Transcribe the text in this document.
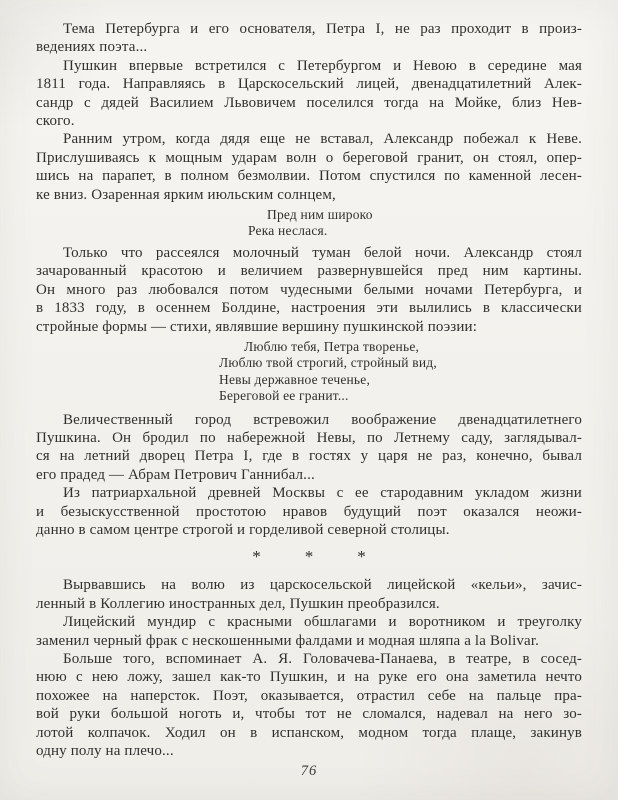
Тема Петербурга и его основателя, Петра I, не раз проходит в произ-
ведениях поэта...
Пушкин впервые встретился с Петербургом и Невою в середине мая
1811 года. Направляясь в Царскосельский лицей, двенадцатилетний Алек-
сандр с дядей Василием Львовичем поселился тогда на Мойке, близ Нев-
ского.
Ранним утром, когда дядя еще не вставал, Александр побежал к Неве.
Прислушиваясь к мощным ударам волн о береговой гранит, он стоял, опер-
шись на парапет, в полном безмолвии. Потом спустился по каменной лесен-
ке вниз. Озаренная ярким июльским солнцем,
Пред ним широко
Река неслася.
Только что рассеялся молочный туман белой ночи. Александр стоял
зачарованный красотою и величием развернувшейся пред ним картины.
Он много раз любовался потом чудесными белыми ночами Петербурга, и
в 1833 году, в осеннем Болдине, настроения эти вылились в классически
стройные формы — стихи, являвшие вершину пушкинской поэзии:
Люблю тебя, Петра творенье,
Люблю твой строгий, стройный вид,
Невы державное теченье,
Береговой ее гранит...
Величественный город встревожил воображение двенадцатилетнего
Пушкина. Он бродил по набережной Невы, по Летнему саду, заглядывал-
ся на летний дворец Петра I, где в гостях у царя не раз, конечно, бывал
его прадед — Абрам Петрович Ганнибал...
Из патриархальной древней Москвы с ее стародавним укладом жизни
и безыскусственной простотою нравов будущий поэт оказался неожи-
данно в самом центре строгой и горделивой северной столицы.
*	*	*
Вырвавшись на волю из царскосельской лицейской «кельи», зачис-
ленный в Коллегию иностранных дел, Пушкин преобразился.
Лицейский мундир с красными обшлагами и воротником и треуголку
заменил черный фрак с нескошенными фалдами и модная шляпа a la Bolivar.
Больше того, вспоминает А. Я. Головачева-Панаева, в театре, в сосед-
нюю с нею ложу, зашел как-то Пушкин, и на руке его она заметила нечто
похожее на наперсток. Поэт, оказывается, отрастил себе на пальце пра-
вой руки большой ноготь и, чтобы тот не сломался, надевал на него зо-
лотой колпачок. Ходил он в испанском, модном тогда плаще, закинув
одну полу на плечо...
76
